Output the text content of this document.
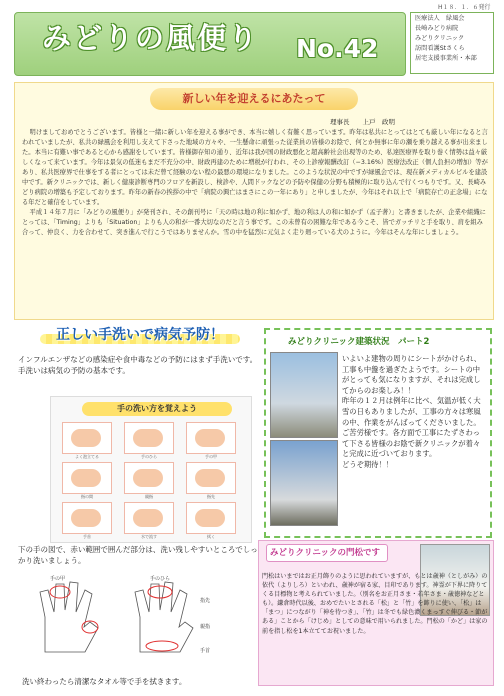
H１８．１．６発行
みどりの風便り No.42
医療法人　緑風会
長崎みどり病院
みどりクリニック
訪問看護Stさくら
居宅支援事業所・本部
新しい年を迎えるにあたって
理事長　　上戸　政明

明けましておめでとうございます。皆様と一緒に新しい年を迎える事ができ、本当に嬉しく有難く思っています。昨年は私共にとってはとても厳しい年になると言われていましたが、私共の緑風会を利用し支えて下さった地域の方々や、一生懸命に頑張った従業員の皆様のお陰で、何とか無事に年の瀬を乗り越える事が出来ました。本当に有難い事であると心から感謝をしています。皆様御存知の通り、近年は我が国の財政悪化と超高齢社会出現等のため、私達医療界を取り巻く情勢は益々厳しくなって来ています。今年は景気の低迷もまだ不充分の中、財政再建のために増税が行われ、その上診療報酬改訂（−3.16%）医療法改正（個人負担の増加）等があり、私共医療界で仕事をする者にとっては未だ曾て経験のない程の最悪の環境になりました。このような状況の中ですが緑風会では、現在新メディカルビルを建設中です。新クリニックでは、新しく健康診断専門のフロアを新設し、検診や、人間ドックなどの予防や保健の分野も積極的に取り込んで行くつもりです。又、長崎みどり病院の増築も予定しております。昨年の新春の挨拶の中で「病院の興亡はまさにこの一年にあり」と申しましたが、今年はそれ以上で「病院存亡の正念場」になる年だと確信をしています。

平成１４年７月に「みどりの風便り」が発刊され、その創刊号に「天の時は地の利に如かず、地の利は人の和に如かず（孟子著）」と書きましたが、企業や組織にとっては、「Timing」よりも「Situation」よりも人の和が一番大切なのだと言う事です。この未曾有の困難な年である今こそ、皆でガッチリと手を取り、肩を組み合って、仲良く、力を合わせて、突き進んで行こうではありませんか。雪の中を猛烈に元気よく走り廻っている犬のように。今年はそんな年にしましょう。

正しい手洗いで病気予防！
インフルエンザなどの感染症や食中毒などの予防にはまず手洗いです。
手洗いは病気の予防の基本です。
手の洗い方を覚えよう
よく泡立てる	手のひら	手の甲
指の間	親指	指先
手首	水で流す	拭く
下の手の図で、赤い範囲で囲んだ部分は、洗い残しやすいところでしっかり洗いましょう。
手の甲	手のひら
指先
親指
手首
洗い終わったら清潔なタオル等で手を拭きます。
みどりクリニック建築状況　パート2
いよいよ建物の周りにシートがかけられ、工事も中盤を過ぎたようです。シートの中がとっても気になりますが、それは完成してからのお楽しみ！！
昨年の１２月は例年に比べ、気温が低く大雪の日もありましたが、工事の方々は寒風の中、作業をがんばってくださいました。ご苦労様です。各方面で工事にたずさわって下さる皆様のお陰で新クリニックが着々と完成に近づいております。
どうぞ期待！！
みどりクリニックの門松です
門松はいまではお正月飾りのように思われていますが、もとは歳神（としがみ）の依代（よりしろ）といわれ、歳神が宿る家、目印であります。神霊が下界に降りてくる目標物と考えられていました。（別名をお正月さま・若年さま・歳徳神などとも）。鎌倉時代以後、おめでたいとされる「松」と「竹」を飾りに使い、「松」は「まつ」につながり「神を待つき」、「竹」は冬でも緑色濃くまっすぐ伸びる・節がある」ことから「けじめ」としての意味で用いられました。門松の「かど」は家の前を指し松を1本立ててお祝いました。
